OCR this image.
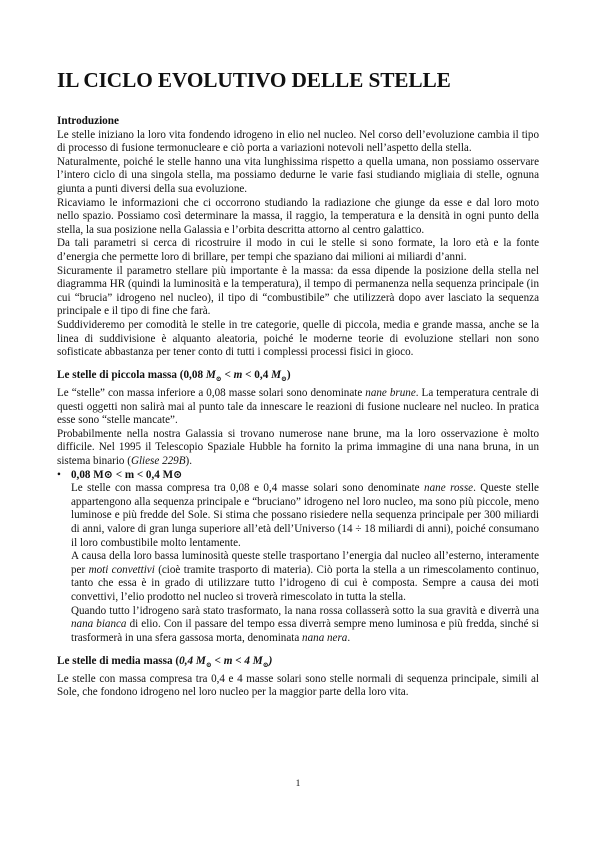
IL CICLO EVOLUTIVO DELLE STELLE
Introduzione

Le stelle iniziano la loro vita fondendo idrogeno in elio nel nucleo. Nel corso dell’evoluzione cambia il tipo di processo di fusione termonucleare e ciò porta a variazioni notevoli nell’aspetto della stella.

Naturalmente, poiché le stelle hanno una vita lunghissima rispetto a quella umana, non possiamo osservare l’intero ciclo di una singola stella, ma possiamo dedurne le varie fasi studiando migliaia di stelle, ognuna giunta a punti diversi della sua evoluzione.

Ricaviamo le informazioni che ci occorrono studiando la radiazione che giunge da esse e dal loro moto nello spazio. Possiamo così determinare la massa, il raggio, la temperatura e la densità in ogni punto della stella, la sua posizione nella Galassia e l’orbita descritta attorno al centro galattico.

Da tali parametri si cerca di ricostruire il modo in cui le stelle si sono formate, la loro età e la fonte d’energia che permette loro di brillare, per tempi che spaziano dai milioni ai miliardi d’anni.

Sicuramente il parametro stellare più importante è la massa: da essa dipende la posizione della stella nel diagramma HR (quindi la luminosità e la temperatura), il tempo di permanenza nella sequenza principale (in cui “brucia” idrogeno nel nucleo), il tipo di “combustibile” che utilizzerà dopo aver lasciato la sequenza principale e il tipo di fine che farà.

Suddivideremo per comodità le stelle in tre categorie, quelle di piccola, media e grande massa, anche se la linea di suddivisione è alquanto aleatoria, poiché le moderne teorie di evoluzione stellari non sono sofisticate abbastanza per tener conto di tutti i complessi processi fisici in gioco.

Le stelle di piccola massa (0,08 $M_⊙ < m < 0,4$ $M_⊙$)

Le “stelle” con massa inferiore a 0,08 masse solari sono denominate nane brune. La temperatura centrale di questi oggetti non salirà mai al punto tale da innescare le reazioni di fusione nucleare nel nucleo. In pratica esse sono “stelle mancate”.

Probabilmente nella nostra Galassia si trovano numerose nane brune, ma la loro osservazione è molto difficile. Nel 1995 il Telescopio Spaziale Hubble ha fornito la prima immagine di una nana bruna, in un sistema binario (Gliese 229B).

• 0,08 M⊙ < m < 0,4 M⊙

Le stelle con massa compresa tra 0,08 e 0,4 masse solari sono denominate nane rosse. Queste stelle appartengono alla sequenza principale e “bruciano” idrogeno nel loro nucleo, ma sono più piccole, meno luminose e più fredde del Sole. Si stima che possano risiedere nella sequenza principale per 300 miliardi di anni, valore di gran lunga superiore all’età dell’Universo (14 ÷ 18 miliardi di anni), poiché consumano il loro combustibile molto lentamente.

A causa della loro bassa luminosità queste stelle trasportano l’energia dal nucleo all’esterno, interamente per moti convettivi (cioè tramite trasporto di materia). Ciò porta la stella a un rimescolamento continuo, tanto che essa è in grado di utilizzare tutto l’idrogeno di cui è composta. Sempre a causa dei moti convettivi, l’elio prodotto nel nucleo si troverà rimescolato in tutta la stella.

Quando tutto l’idrogeno sarà stato trasformato, la nana rossa collasserà sotto la sua gravità e diverrà una nana bianca di elio. Con il passare del tempo essa diverrà sempre meno luminosa e più fredda, sinché si trasformerà in una sfera gassosa morta, denominata nana nera.

Le stelle di media massa (0,4 $M_⊙ < m < 4$ $M_⊙$)

Le stelle con massa compresa tra 0,4 e 4 masse solari sono stelle normali di sequenza principale, simili al Sole, che fondono idrogeno nel loro nucleo per la maggior parte della loro vita.

1
